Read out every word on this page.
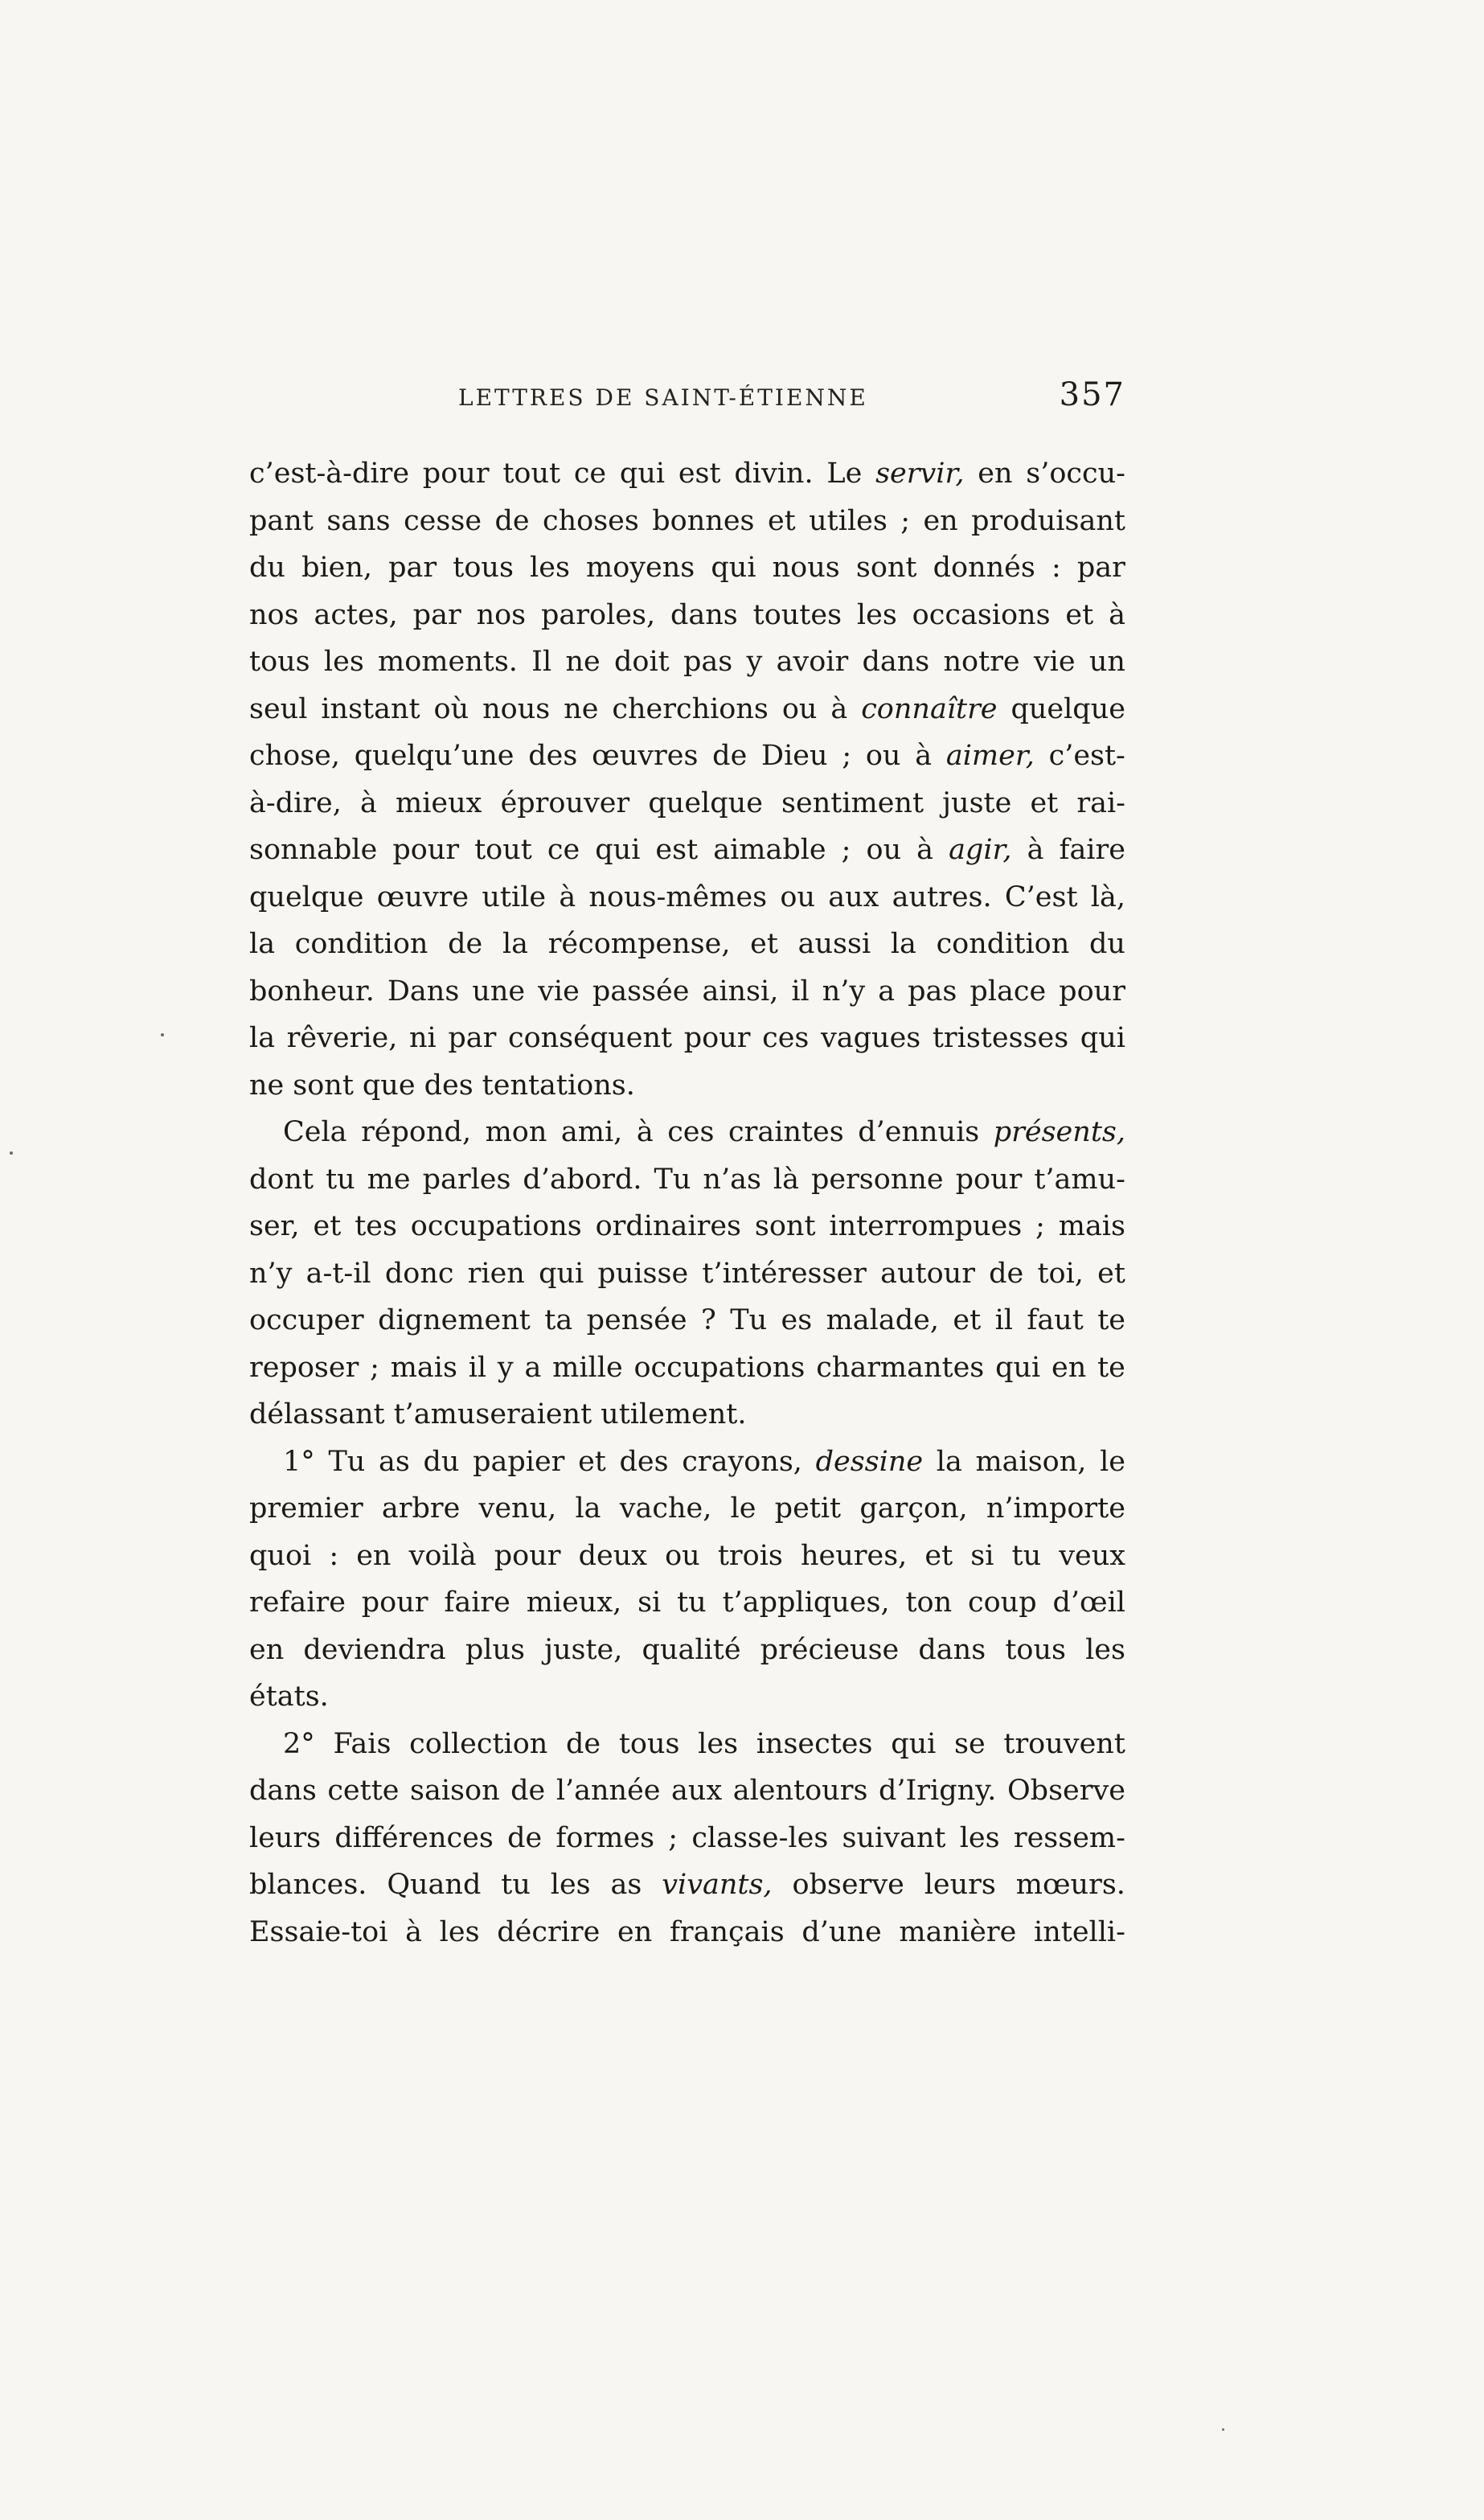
LETTRES DE SAINT-ÉTIENNE	357
c’est-à-dire pour tout ce qui est divin. Le servir, en s’occu-
pant sans cesse de choses bonnes et utiles ; en produisant
du bien, par tous les moyens qui nous sont donnés : par
nos actes, par nos paroles, dans toutes les occasions et à
tous les moments. Il ne doit pas y avoir dans notre vie un
seul instant où nous ne cherchions ou à connaître quelque
chose, quelqu’une des œuvres de Dieu ; ou à aimer, c’est-
à-dire, à mieux éprouver quelque sentiment juste et rai-
sonnable pour tout ce qui est aimable ; ou à agir, à faire
quelque œuvre utile à nous-mêmes ou aux autres. C’est là,
la condition de la récompense, et aussi la condition du
bonheur. Dans une vie passée ainsi, il n’y a pas place pour
la rêverie, ni par conséquent pour ces vagues tristesses qui
ne sont que des tentations.
Cela répond, mon ami, à ces craintes d’ennuis présents,
dont tu me parles d’abord. Tu n’as là personne pour t’amu-
ser, et tes occupations ordinaires sont interrompues ; mais
n’y a-t-il donc rien qui puisse t’intéresser autour de toi, et
occuper dignement ta pensée ? Tu es malade, et il faut te
reposer ; mais il y a mille occupations charmantes qui en te
délassant t’amuseraient utilement.
1° Tu as du papier et des crayons, dessine la maison, le
premier arbre venu, la vache, le petit garçon, n’importe
quoi : en voilà pour deux ou trois heures, et si tu veux
refaire pour faire mieux, si tu t’appliques, ton coup d’œil
en deviendra plus juste, qualité précieuse dans tous les
états.
2° Fais collection de tous les insectes qui se trouvent
dans cette saison de l’année aux alentours d’Irigny. Observe
leurs différences de formes ; classe-les suivant les ressem-
blances. Quand tu les as vivants, observe leurs mœurs.
Essaie-toi à les décrire en français d’une manière intelli-
